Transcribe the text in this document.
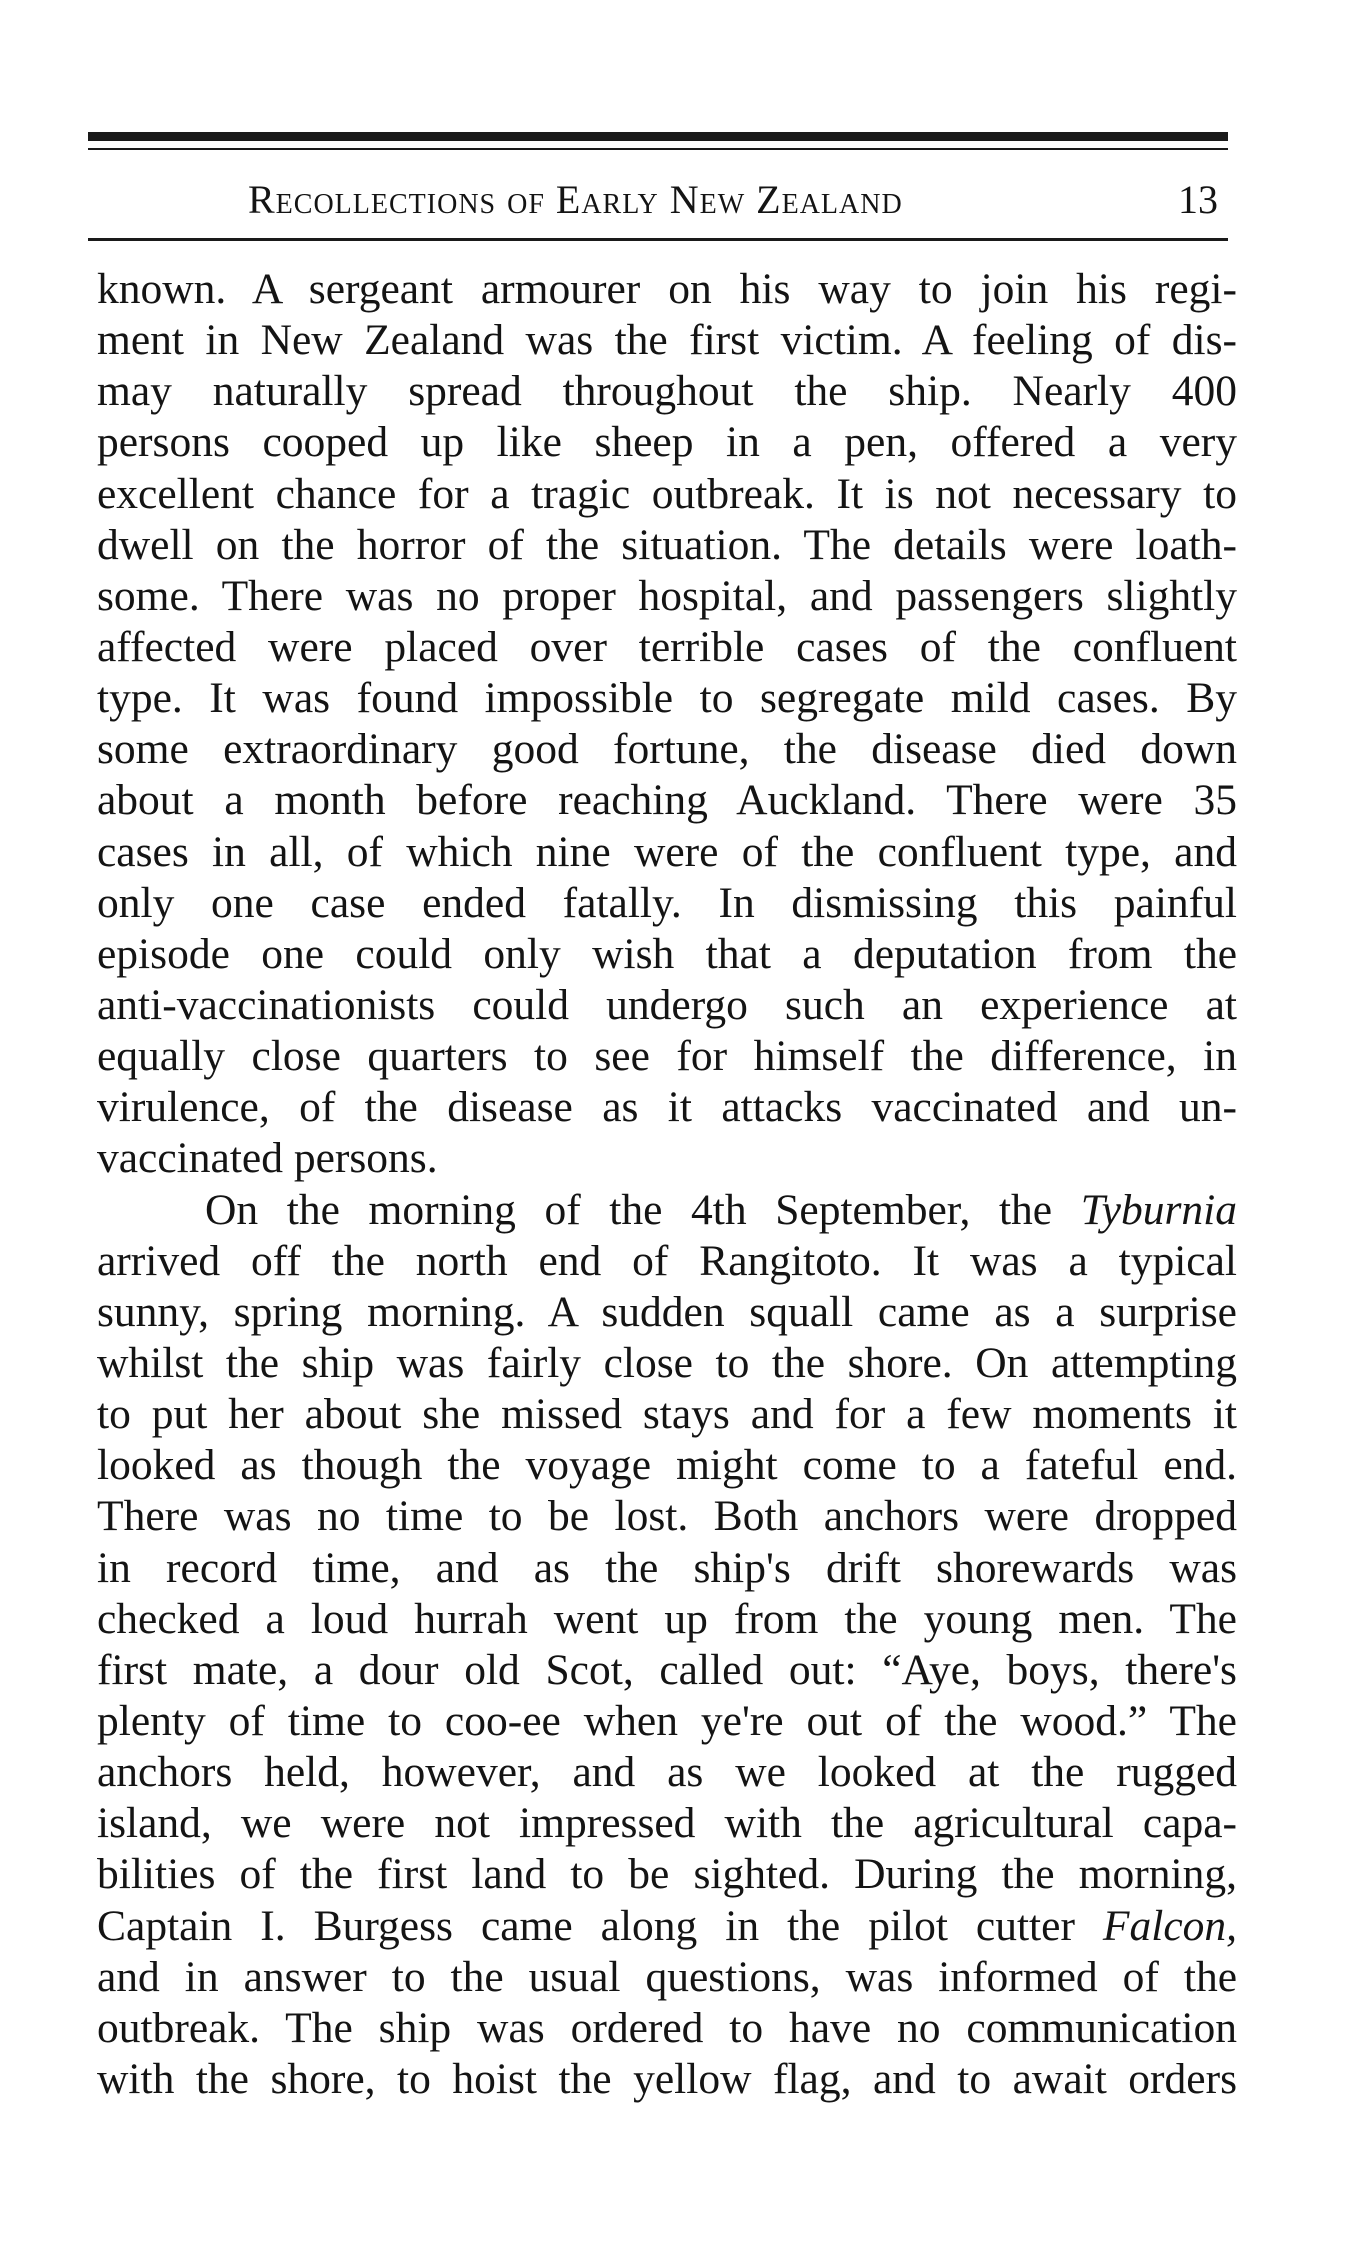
Recollections of Early New Zealand	13
known. A sergeant armourer on his way to join his regi-
ment in New Zealand was the first victim. A feeling of dis-
may naturally spread throughout the ship. Nearly 400
persons cooped up like sheep in a pen, offered a very
excellent chance for a tragic outbreak. It is not necessary to
dwell on the horror of the situation. The details were loath-
some. There was no proper hospital, and passengers slightly
affected were placed over terrible cases of the confluent
type. It was found impossible to segregate mild cases. By
some extraordinary good fortune, the disease died down
about a month before reaching Auckland. There were 35
cases in all, of which nine were of the confluent type, and
only one case ended fatally. In dismissing this painful
episode one could only wish that a deputation from the
anti-vaccinationists could undergo such an experience at
equally close quarters to see for himself the difference, in
virulence, of the disease as it attacks vaccinated and un-
vaccinated persons.
On the morning of the 4th September, the Tyburnia
arrived off the north end of Rangitoto. It was a typical
sunny, spring morning. A sudden squall came as a surprise
whilst the ship was fairly close to the shore. On attempting
to put her about she missed stays and for a few moments it
looked as though the voyage might come to a fateful end.
There was no time to be lost. Both anchors were dropped
in record time, and as the ship's drift shorewards was
checked a loud hurrah went up from the young men. The
first mate, a dour old Scot, called out: “Aye, boys, there's
plenty of time to coo-ee when ye're out of the wood.” The
anchors held, however, and as we looked at the rugged
island, we were not impressed with the agricultural capa-
bilities of the first land to be sighted. During the morning,
Captain I. Burgess came along in the pilot cutter Falcon,
and in answer to the usual questions, was informed of the
outbreak. The ship was ordered to have no communication
with the shore, to hoist the yellow flag, and to await orders
